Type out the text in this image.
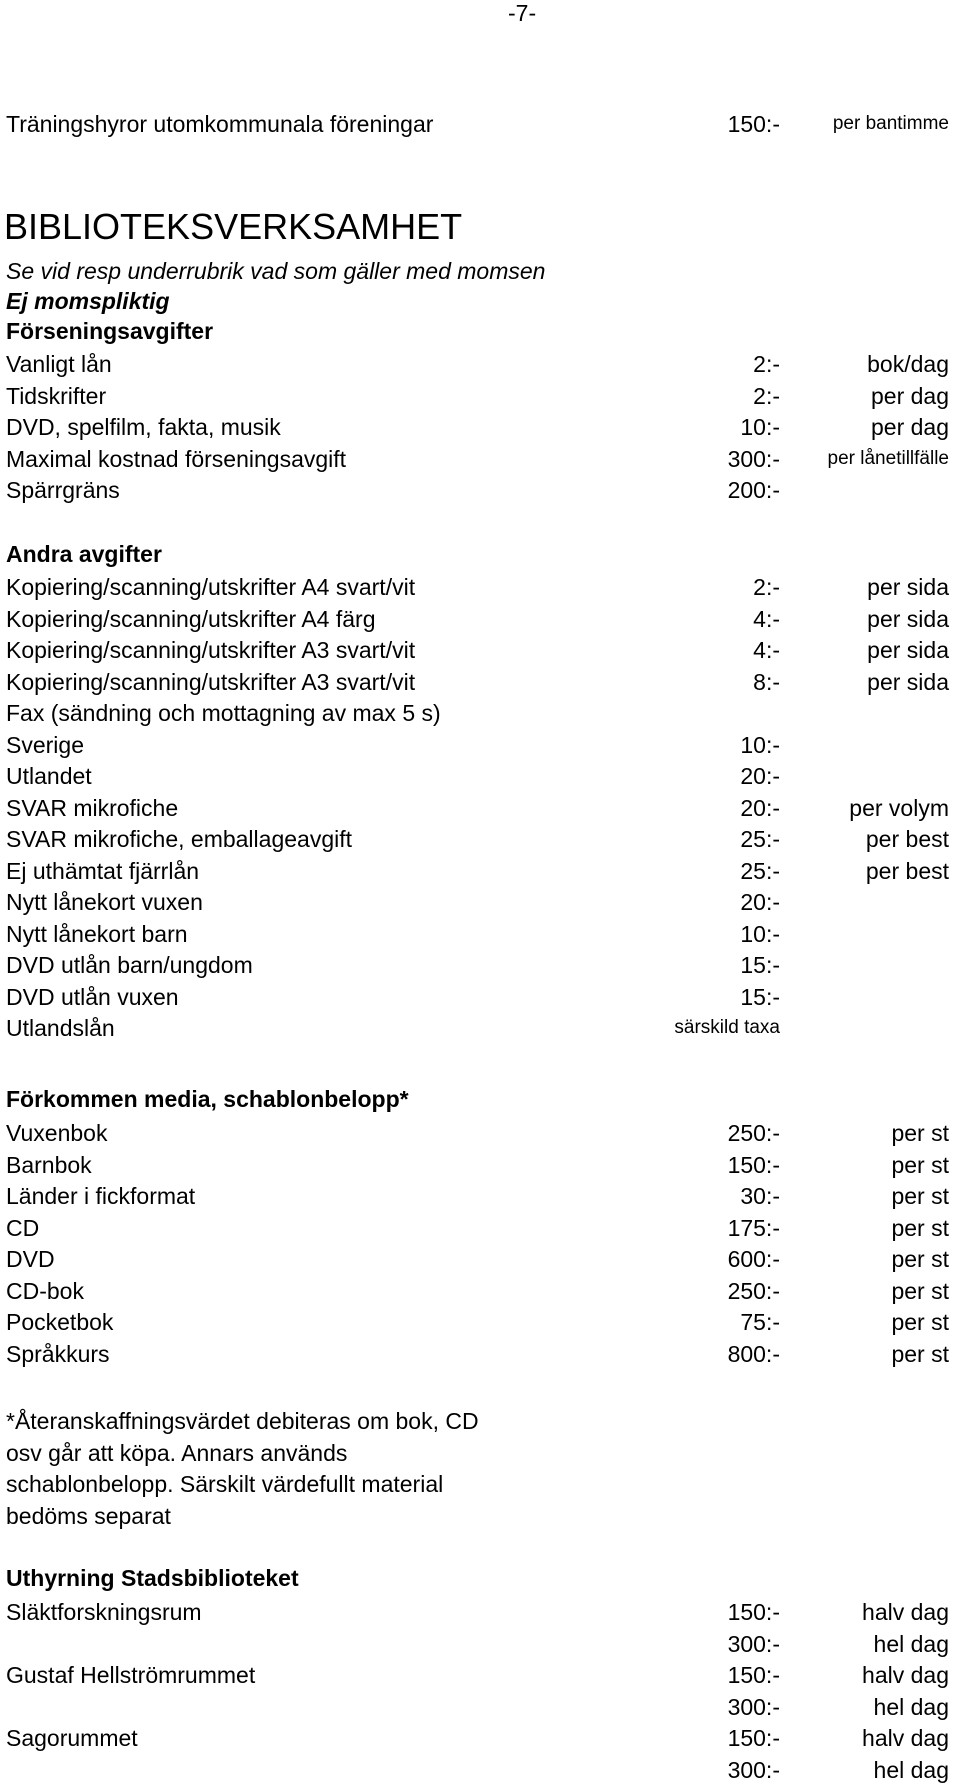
-7-
Träningshyror utomkommunala föreningar	150:-	per bantimme
BIBLIOTEKSVERKSAMHET
Se vid resp underrubrik vad som gäller med momsen
Ej momspliktig
Förseningsavgifter
Vanligt lån	2:-	bok/dag
Tidskrifter	2:-	per dag
DVD, spelfilm, fakta, musik	10:-	per dag
Maximal kostnad förseningsavgift	300:-	per lånetillfälle
Spärrgräns	200:-
Andra avgifter
Kopiering/scanning/utskrifter A4 svart/vit	2:-	per sida
Kopiering/scanning/utskrifter A4 färg	4:-	per sida
Kopiering/scanning/utskrifter A3 svart/vit	4:-	per sida
Kopiering/scanning/utskrifter A3 svart/vit	8:-	per sida
Fax (sändning och mottagning av max 5 s)
Sverige	10:-
Utlandet	20:-
SVAR mikrofiche	20:-	per volym
SVAR mikrofiche, emballageavgift	25:-	per best
Ej uthämtat fjärrlån	25:-	per best
Nytt lånekort vuxen	20:-
Nytt lånekort barn	10:-
DVD utlån barn/ungdom	15:-
DVD utlån vuxen	15:-
Utlandslån	särskild taxa
Förkommen media, schablonbelopp*
Vuxenbok	250:-	per st
Barnbok	150:-	per st
Länder i fickformat	30:-	per st
CD	175:-	per st
DVD	600:-	per st
CD-bok	250:-	per st
Pocketbok	75:-	per st
Språkkurs	800:-	per st
*Återanskaffningsvärdet debiteras om bok, CD
osv går att köpa. Annars används
schablonbelopp. Särskilt värdefullt material
bedöms separat
Uthyrning Stadsbiblioteket
Släktforskningsrum	150:-	halv dag
300:-	hel dag
Gustaf Hellströmrummet	150:-	halv dag
300:-	hel dag
Sagorummet	150:-	halv dag
300:-	hel dag
